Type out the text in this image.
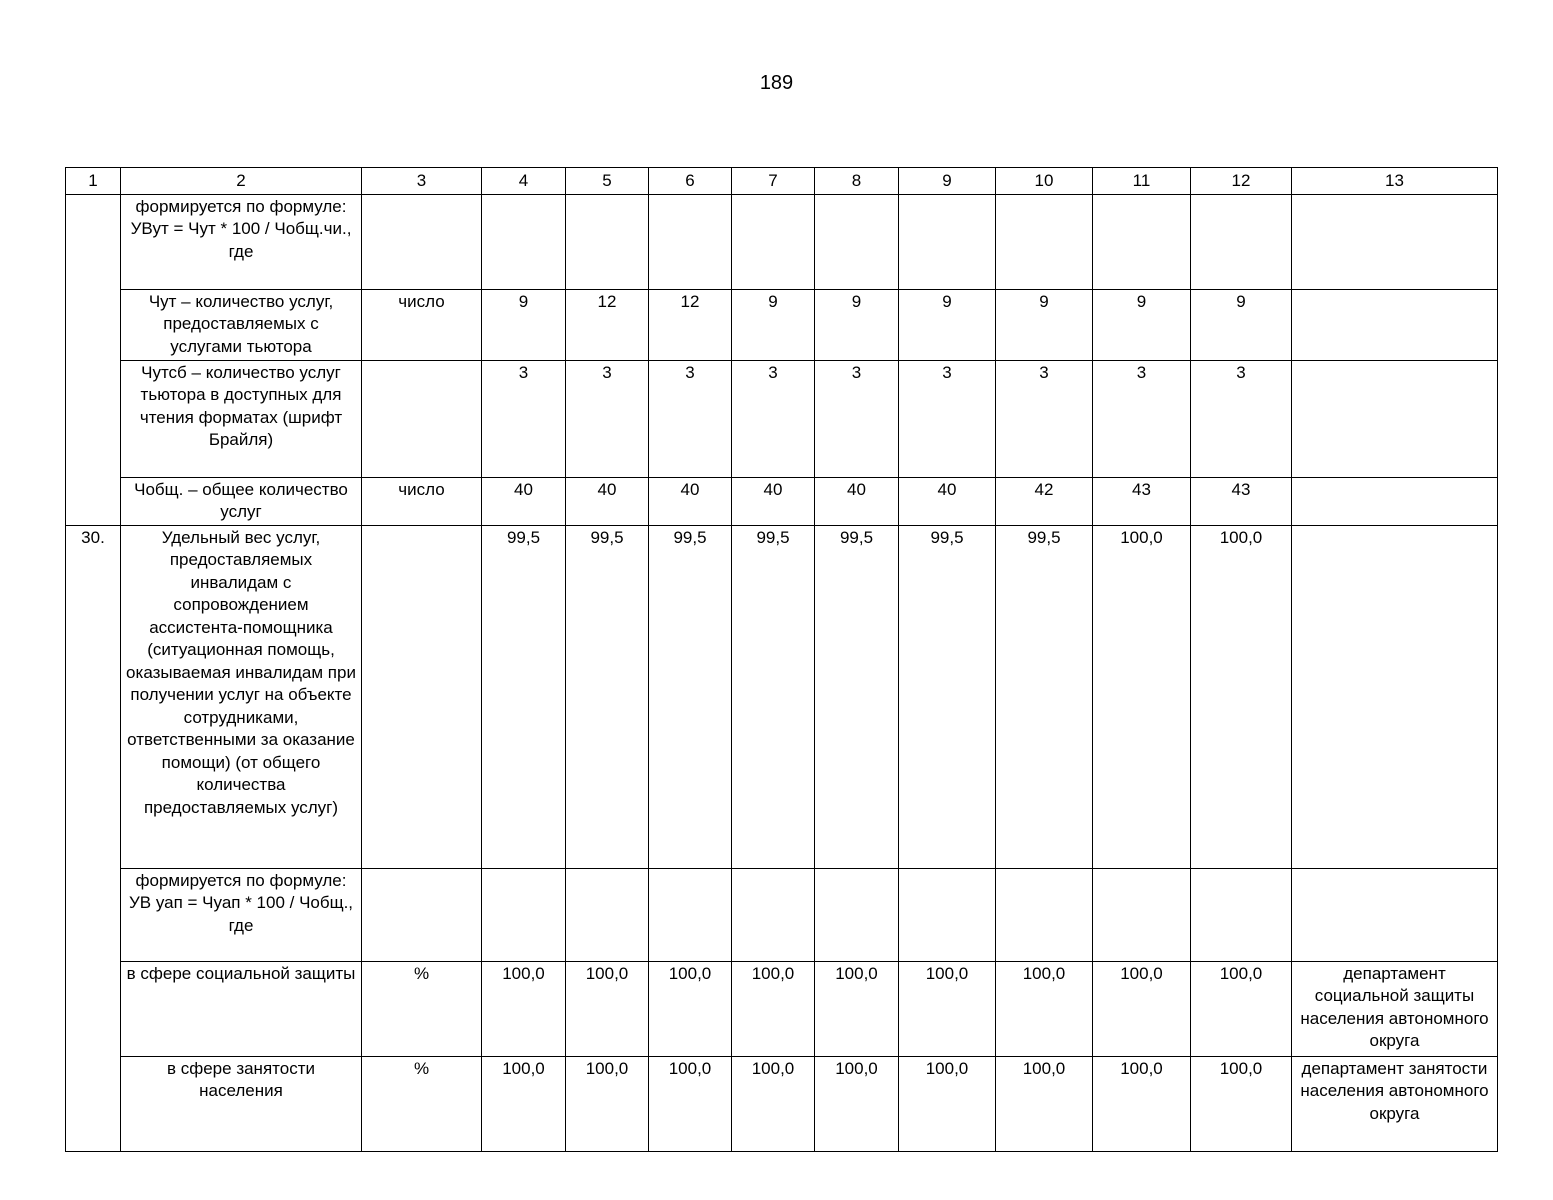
189
1	2	3	4	5	6	7	8	9	10	11	12	13
	формируется по формуле:
УВут = Чут * 100 / Чобщ.чи., где											
	Чут – количество услуг, предоставляемых с услугами тьютора	число	9	12	12	9	9	9	9	9	9	
	Чутсб – количество услуг тьютора в доступных для чтения форматах (шрифт Брайля)		3	3	3	3	3	3	3	3	3	
	Чобщ. – общее количество услуг	число	40	40	40	40	40	40	42	43	43	
30.	Удельный вес услуг, предоставляемых инвалидам с сопровождением ассистента-помощника (ситуационная помощь, оказываемая инвалидам при получении услуг на объекте сотрудниками, ответственными за оказание помощи) (от общего количества предоставляемых услуг)		99,5	99,5	99,5	99,5	99,5	99,5	99,5	100,0	100,0	
	формируется по формуле:
УВ уап = Чуап * 100 / Чобщ., где											
	в сфере социальной защиты	%	100,0	100,0	100,0	100,0	100,0	100,0	100,0	100,0	100,0	департамент социальной защиты населения автономного округа
	в сфере занятости населения	%	100,0	100,0	100,0	100,0	100,0	100,0	100,0	100,0	100,0	департамент занятости населения автономного округа
